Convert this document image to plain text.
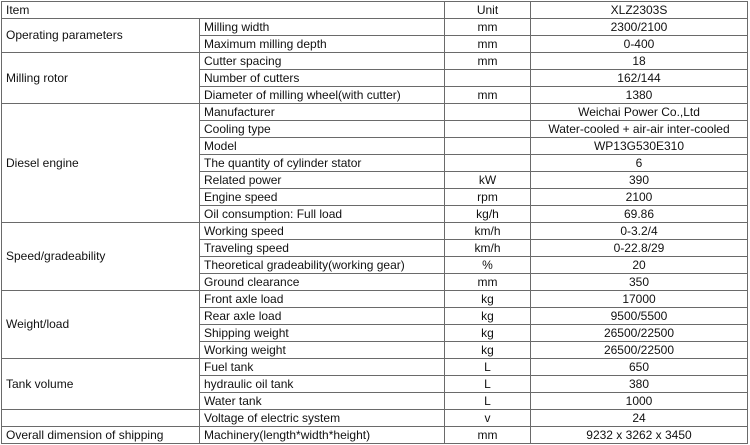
Item		Unit	XLZ2303S
Operating parameters	Milling width	mm	2300/2100
	Maximum milling depth	mm	0-400
Milling rotor	Cutter spacing	mm	18
	Number of cutters		162/144
	Diameter of milling wheel(with cutter)	mm	1380
Diesel engine	Manufacturer		Weichai Power Co.,Ltd
	Cooling type		Water-cooled + air-air inter-cooled
	Model		WP13G530E310
	The quantity of cylinder stator		6
	Related power	kW	390
	Engine speed	rpm	2100
	Oil consumption: Full load	kg/h	69.86
Speed/gradeability	Working speed	km/h	0-3.2/4
	Traveling speed	km/h	0-22.8/29
	Theoretical gradeability(working gear)	%	20
	Ground clearance	mm	350
Weight/load	Front axle load	kg	17000
	Rear axle load	kg	9500/5500
	Shipping weight	kg	26500/22500
	Working weight	kg	26500/22500
Tank volume	Fuel tank	L	650
	hydraulic oil tank	L	380
	Water tank	L	1000
	Voltage of electric system	v	24
Overall dimension of shipping	Machinery(length*width*height)	mm	9232 x 3262 x 3450
